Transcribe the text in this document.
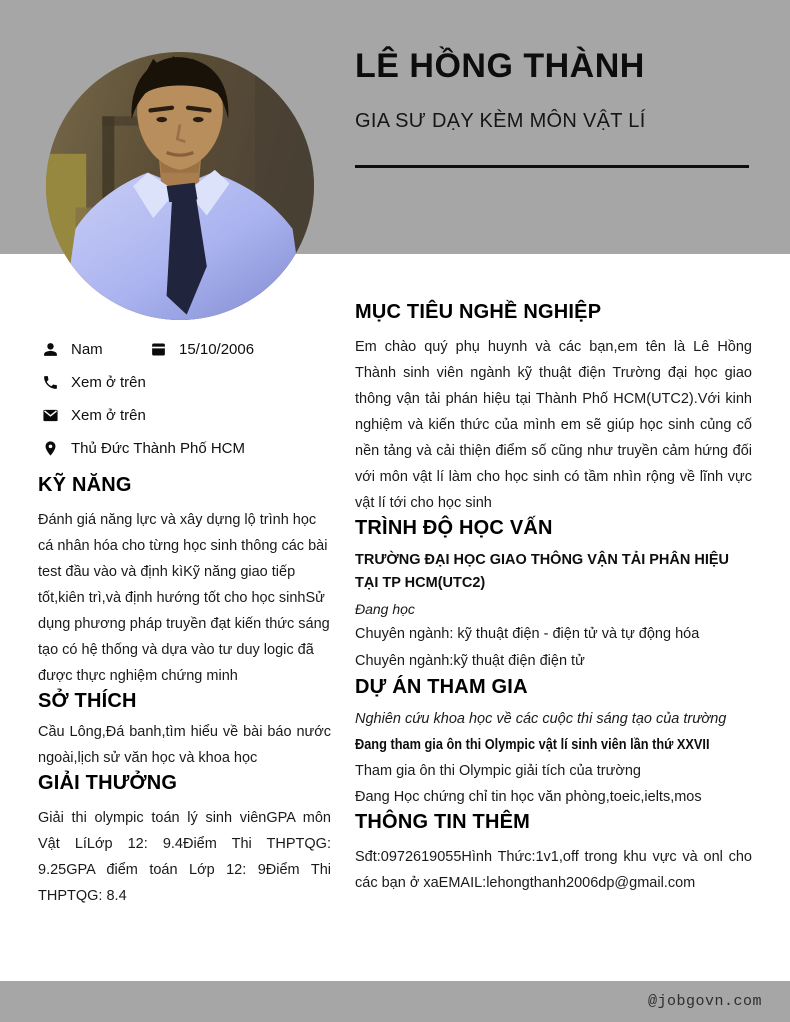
LÊ HỒNG THÀNH
GIA SƯ DẠY KÈM MÔN VẬT LÍ
Nam	15/10/2006
Xem ở trên
Xem ở trên
Thủ Đức Thành Phố HCM
KỸ NĂNG

Đánh giá năng lực và xây dựng lộ trình học cá nhân hóa cho từng học sinh thông các bài test đầu vào và định kìKỹ năng giao tiếp tốt,kiên trì,và định hướng tốt cho học sinhSử dụng phương pháp truyền đạt kiến thức sáng tạo có hệ thống và dựa vào tư duy logic đã được thực nghiệm chứng minh

SỞ THÍCH

Cầu Lông,Đá banh,tìm hiểu về bài báo nước ngoài,lịch sử văn học và khoa học

GIẢI THƯỞNG

Giải thi olympic toán lý sinh viênGPA môn Vật LíLớp 12: 9.4Điểm Thi THPTQG: 9.25GPA điểm toán Lớp 12: 9Điểm Thi THPTQG: 8.4

MỤC TIÊU NGHỀ NGHIỆP

Em chào quý phụ huynh và các bạn,em tên là Lê Hồng Thành sinh viên ngành kỹ thuật điện Trường đại học giao thông vận tải phán hiệu tại Thành Phố HCM(UTC2).Với kinh nghiệm và kiến thức của mình em sẽ giúp học sinh củng cố nền tảng và cải thiện điểm số cũng như truyền cảm hứng đối với môn vật lí làm cho học sinh có tầm nhìn rộng về lĩnh vực vật lí tới cho học sinh

TRÌNH ĐỘ HỌC VẤN
TRƯỜNG ĐẠI HỌC GIAO THÔNG VẬN TẢI PHÂN HIỆU TẠI TP HCM(UTC2)
Đang học
Chuyên ngành: kỹ thuật điện - điện tử và tự động hóa
Chuyên ngành:kỹ thuật điện điện tử
DỰ ÁN THAM GIA
Nghiên cứu khoa học về các cuộc thi sáng tạo của trường
Đang tham gia ôn thi Olympic vật lí sinh viên lần thứ XXVII
Tham gia ôn thi Olympic giải tích của trường
Đang Học chứng chỉ tin học văn phòng,toeic,ielts,mos
THÔNG TIN THÊM

Sđt:0972619055Hình Thức:1v1,off trong khu vực và onl cho các bạn ở xaEMAIL:lehongthanh2006dp@gmail.com

@jobgovn.com
